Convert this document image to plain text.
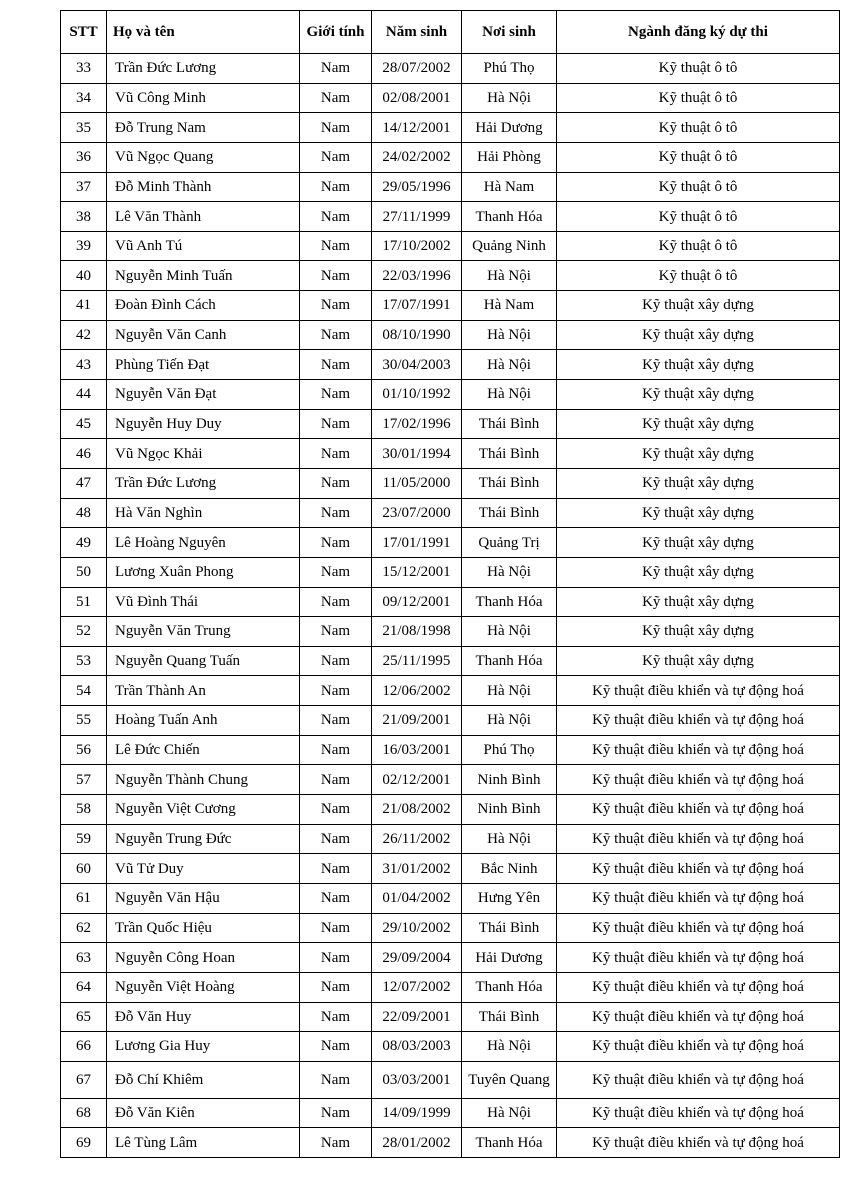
STT	Họ và tên	Giới tính	Năm sinh	Nơi sinh	Ngành đăng ký dự thi
33	Trần Đức Lương	Nam	28/07/2002	Phú Thọ	Kỹ thuật ô tô
34	Vũ Công Minh	Nam	02/08/2001	Hà Nội	Kỹ thuật ô tô
35	Đỗ Trung Nam	Nam	14/12/2001	Hải Dương	Kỹ thuật ô tô
36	Vũ Ngọc Quang	Nam	24/02/2002	Hải Phòng	Kỹ thuật ô tô
37	Đỗ Minh Thành	Nam	29/05/1996	Hà Nam	Kỹ thuật ô tô
38	Lê Văn Thành	Nam	27/11/1999	Thanh Hóa	Kỹ thuật ô tô
39	Vũ Anh Tú	Nam	17/10/2002	Quảng Ninh	Kỹ thuật ô tô
40	Nguyễn Minh Tuấn	Nam	22/03/1996	Hà Nội	Kỹ thuật ô tô
41	Đoàn Đình Cách	Nam	17/07/1991	Hà Nam	Kỹ thuật xây dựng
42	Nguyễn Văn Canh	Nam	08/10/1990	Hà Nội	Kỹ thuật xây dựng
43	Phùng Tiến Đạt	Nam	30/04/2003	Hà Nội	Kỹ thuật xây dựng
44	Nguyễn Văn Đạt	Nam	01/10/1992	Hà Nội	Kỹ thuật xây dựng
45	Nguyễn Huy Duy	Nam	17/02/1996	Thái Bình	Kỹ thuật xây dựng
46	Vũ Ngọc Khải	Nam	30/01/1994	Thái Bình	Kỹ thuật xây dựng
47	Trần Đức Lương	Nam	11/05/2000	Thái Bình	Kỹ thuật xây dựng
48	Hà Văn Nghìn	Nam	23/07/2000	Thái Bình	Kỹ thuật xây dựng
49	Lê Hoàng Nguyên	Nam	17/01/1991	Quảng Trị	Kỹ thuật xây dựng
50	Lương Xuân Phong	Nam	15/12/2001	Hà Nội	Kỹ thuật xây dựng
51	Vũ Đình Thái	Nam	09/12/2001	Thanh Hóa	Kỹ thuật xây dựng
52	Nguyễn Văn Trung	Nam	21/08/1998	Hà Nội	Kỹ thuật xây dựng
53	Nguyễn Quang Tuấn	Nam	25/11/1995	Thanh Hóa	Kỹ thuật xây dựng
54	Trần Thành An	Nam	12/06/2002	Hà Nội	Kỹ thuật điều khiển và tự động hoá
55	Hoàng Tuấn Anh	Nam	21/09/2001	Hà Nội	Kỹ thuật điều khiển và tự động hoá
56	Lê Đức Chiến	Nam	16/03/2001	Phú Thọ	Kỹ thuật điều khiển và tự động hoá
57	Nguyễn Thành Chung	Nam	02/12/2001	Ninh Bình	Kỹ thuật điều khiển và tự động hoá
58	Nguyễn Việt Cương	Nam	21/08/2002	Ninh Bình	Kỹ thuật điều khiển và tự động hoá
59	Nguyễn Trung Đức	Nam	26/11/2002	Hà Nội	Kỹ thuật điều khiển và tự động hoá
60	Vũ Tử Duy	Nam	31/01/2002	Bắc Ninh	Kỹ thuật điều khiển và tự động hoá
61	Nguyễn Văn Hậu	Nam	01/04/2002	Hưng Yên	Kỹ thuật điều khiển và tự động hoá
62	Trần Quốc Hiệu	Nam	29/10/2002	Thái Bình	Kỹ thuật điều khiển và tự động hoá
63	Nguyễn Công Hoan	Nam	29/09/2004	Hải Dương	Kỹ thuật điều khiển và tự động hoá
64	Nguyễn Việt Hoàng	Nam	12/07/2002	Thanh Hóa	Kỹ thuật điều khiển và tự động hoá
65	Đỗ Văn Huy	Nam	22/09/2001	Thái Bình	Kỹ thuật điều khiển và tự động hoá
66	Lương Gia Huy	Nam	08/03/2003	Hà Nội	Kỹ thuật điều khiển và tự động hoá
67	Đỗ Chí Khiêm	Nam	03/03/2001	Tuyên Quang	Kỹ thuật điều khiển và tự động hoá
68	Đỗ Văn Kiên	Nam	14/09/1999	Hà Nội	Kỹ thuật điều khiển và tự động hoá
69	Lê Tùng Lâm	Nam	28/01/2002	Thanh Hóa	Kỹ thuật điều khiển và tự động hoá
